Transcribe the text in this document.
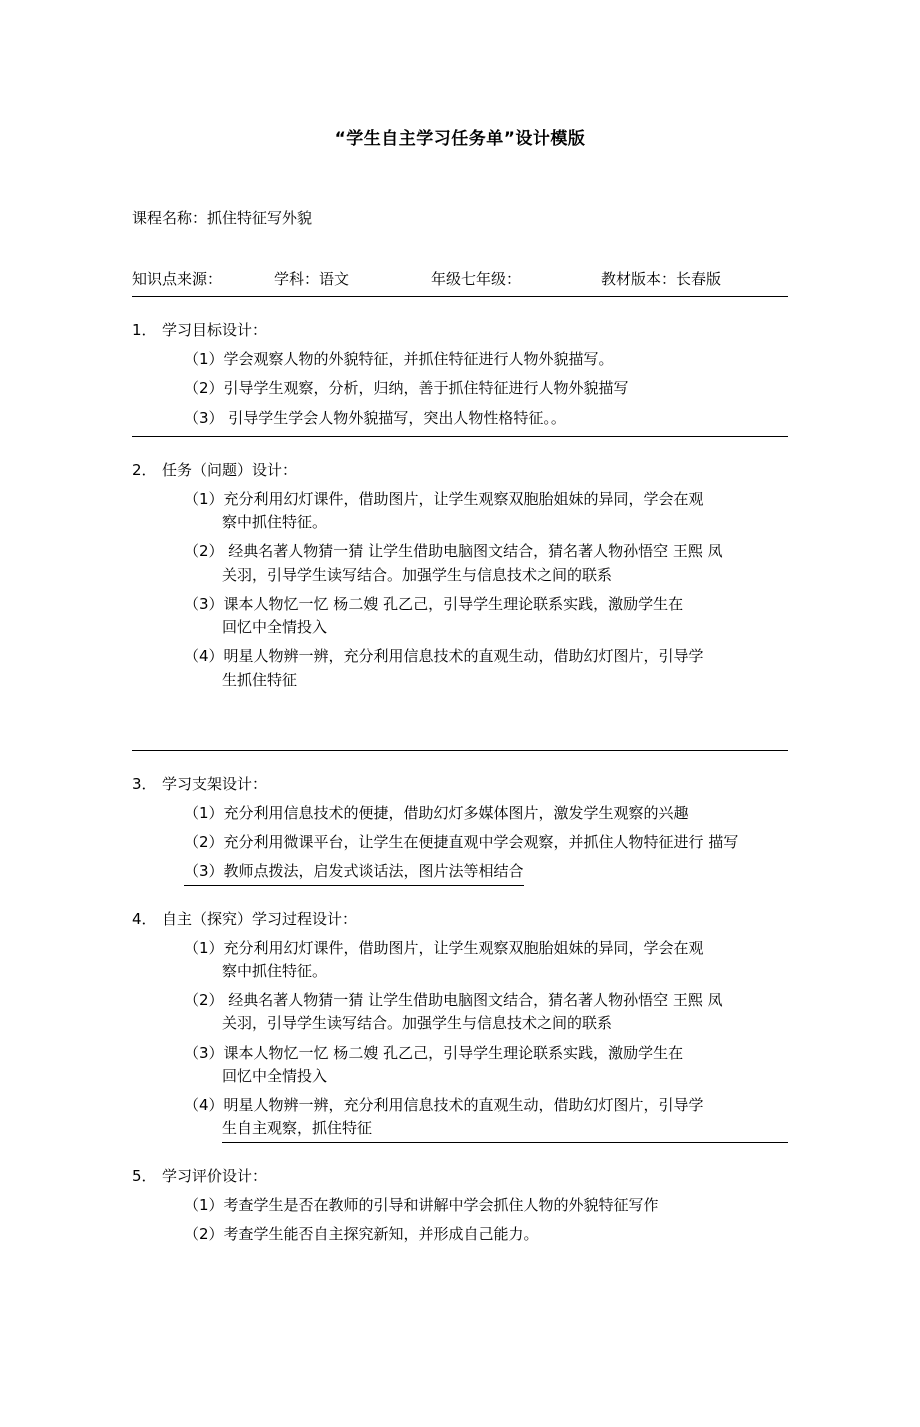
“学生自主学习任务单”设计模版
课程名称：抓住特征写外貌
知识点来源：	学科：语文	年级七年级：	教材版本：长春版
1． 学习目标设计：
（1）学会观察人物的外貌特征，并抓住特征进行人物外貌描写。
（2）引导学生观察，分析，归纳，善于抓住特征进行人物外貌描写
（3） 引导学生学会人物外貌描写，突出人物性格特征。。
2． 任务（问题）设计：
（1）充分利用幻灯课件，借助图片，让学生观察双胞胎姐妹的异同，学会在观
察中抓住特征。
（2） 经典名著人物猜一猜 让学生借助电脑图文结合，猜名著人物孙悟空 王熙 凤
关羽，引导学生读写结合。加强学生与信息技术之间的联系
（3）课本人物忆一忆 杨二嫂 孔乙己，引导学生理论联系实践，激励学生在
回忆中全情投入
（4）明星人物辨一辨，充分利用信息技术的直观生动，借助幻灯图片，引导学
生抓住特征
3． 学习支架设计：
（1）充分利用信息技术的便捷，借助幻灯多媒体图片，激发学生观察的兴趣
（2）充分利用微课平台，让学生在便捷直观中学会观察，并抓住人物特征进行 描写
（3）教师点拨法，启发式谈话法，图片法等相结合
4． 自主（探究）学习过程设计：
（1）充分利用幻灯课件，借助图片，让学生观察双胞胎姐妹的异同，学会在观
察中抓住特征。
（2） 经典名著人物猜一猜 让学生借助电脑图文结合，猜名著人物孙悟空 王熙 凤
关羽，引导学生读写结合。加强学生与信息技术之间的联系
（3）课本人物忆一忆 杨二嫂 孔乙己，引导学生理论联系实践，激励学生在
回忆中全情投入
（4）明星人物辨一辨，充分利用信息技术的直观生动，借助幻灯图片，引导学
生自主观察，抓住特征
5． 学习评价设计：
（1）考查学生是否在教师的引导和讲解中学会抓住人物的外貌特征写作
（2）考查学生能否自主探究新知，并形成自己能力。
